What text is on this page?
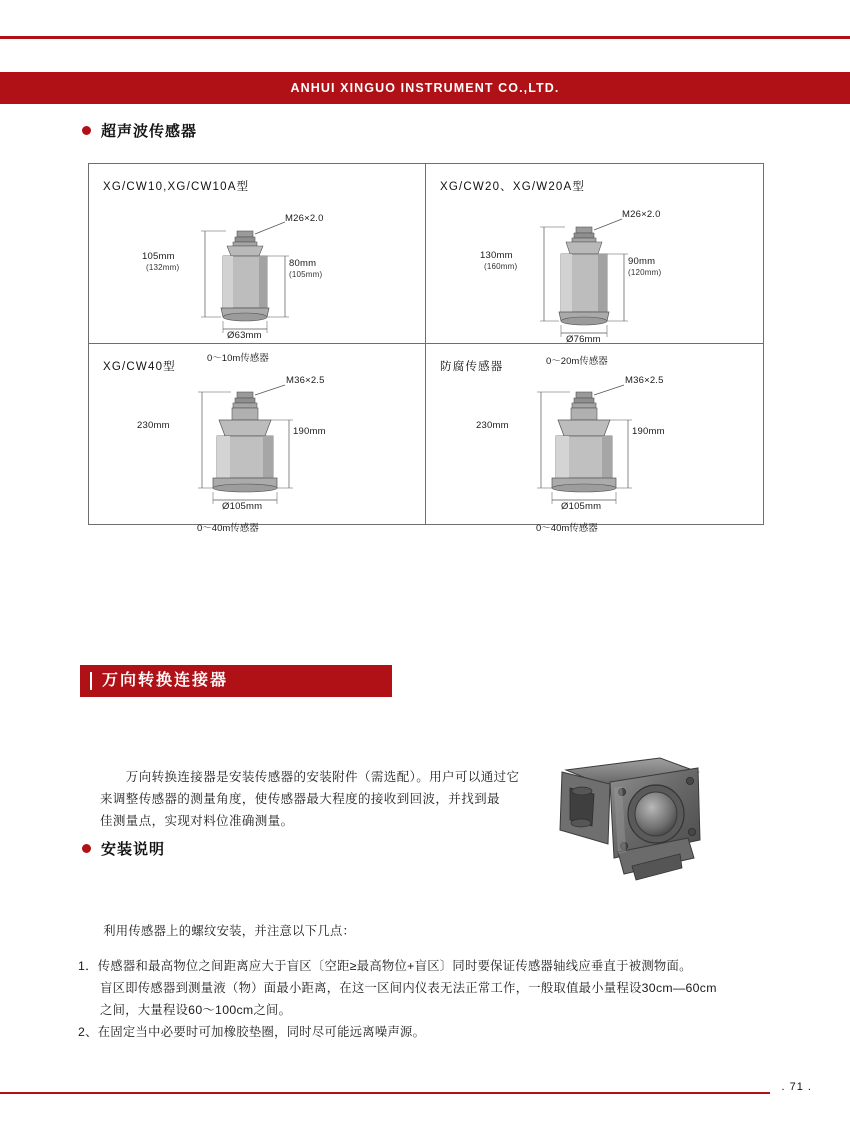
ANHUI XINGUO INSTRUMENT CO.,LTD.
超声波传感器
XG/CW10,XG/CW10A型
M26×2.0
105mm
(132mm)	80mm
(105mm)
Ø63mm
0～10m传感器
XG/CW20、XG/W20A型
M26×2.0
130mm
(160mm)	90mm
(120mm)
Ø76mm
0～20m传感器
XG/CW40型
M36×2.5
230mm
190mm
Ø105mm
0～40m传感器
防腐传感器
M36×2.5
230mm
190mm
Ø105mm
0～40m传感器
万向转换连接器
　　万向转换连接器是安装传感器的安装附件（需选配）。用户可以通过它
来调整传感器的测量角度，使传感器最大程度的接收到回波，并找到最
佳测量点，实现对料位准确测量。
安装说明
　　利用传感器上的螺纹安装，并注意以下几点：
1．传感器和最高物位之间距离应大于盲区〔空距≥最高物位+盲区〕同时要保证传感器轴线应垂直于被测物面。
盲区即传感器到测量液（物）面最小距离，在这一区间内仪表无法正常工作，一般取值最小量程设30cm—60cm
之间，大量程设60～100cm之间。
2、在固定当中必要时可加橡胶垫圈，同时尽可能远离噪声源。
. 71 .
